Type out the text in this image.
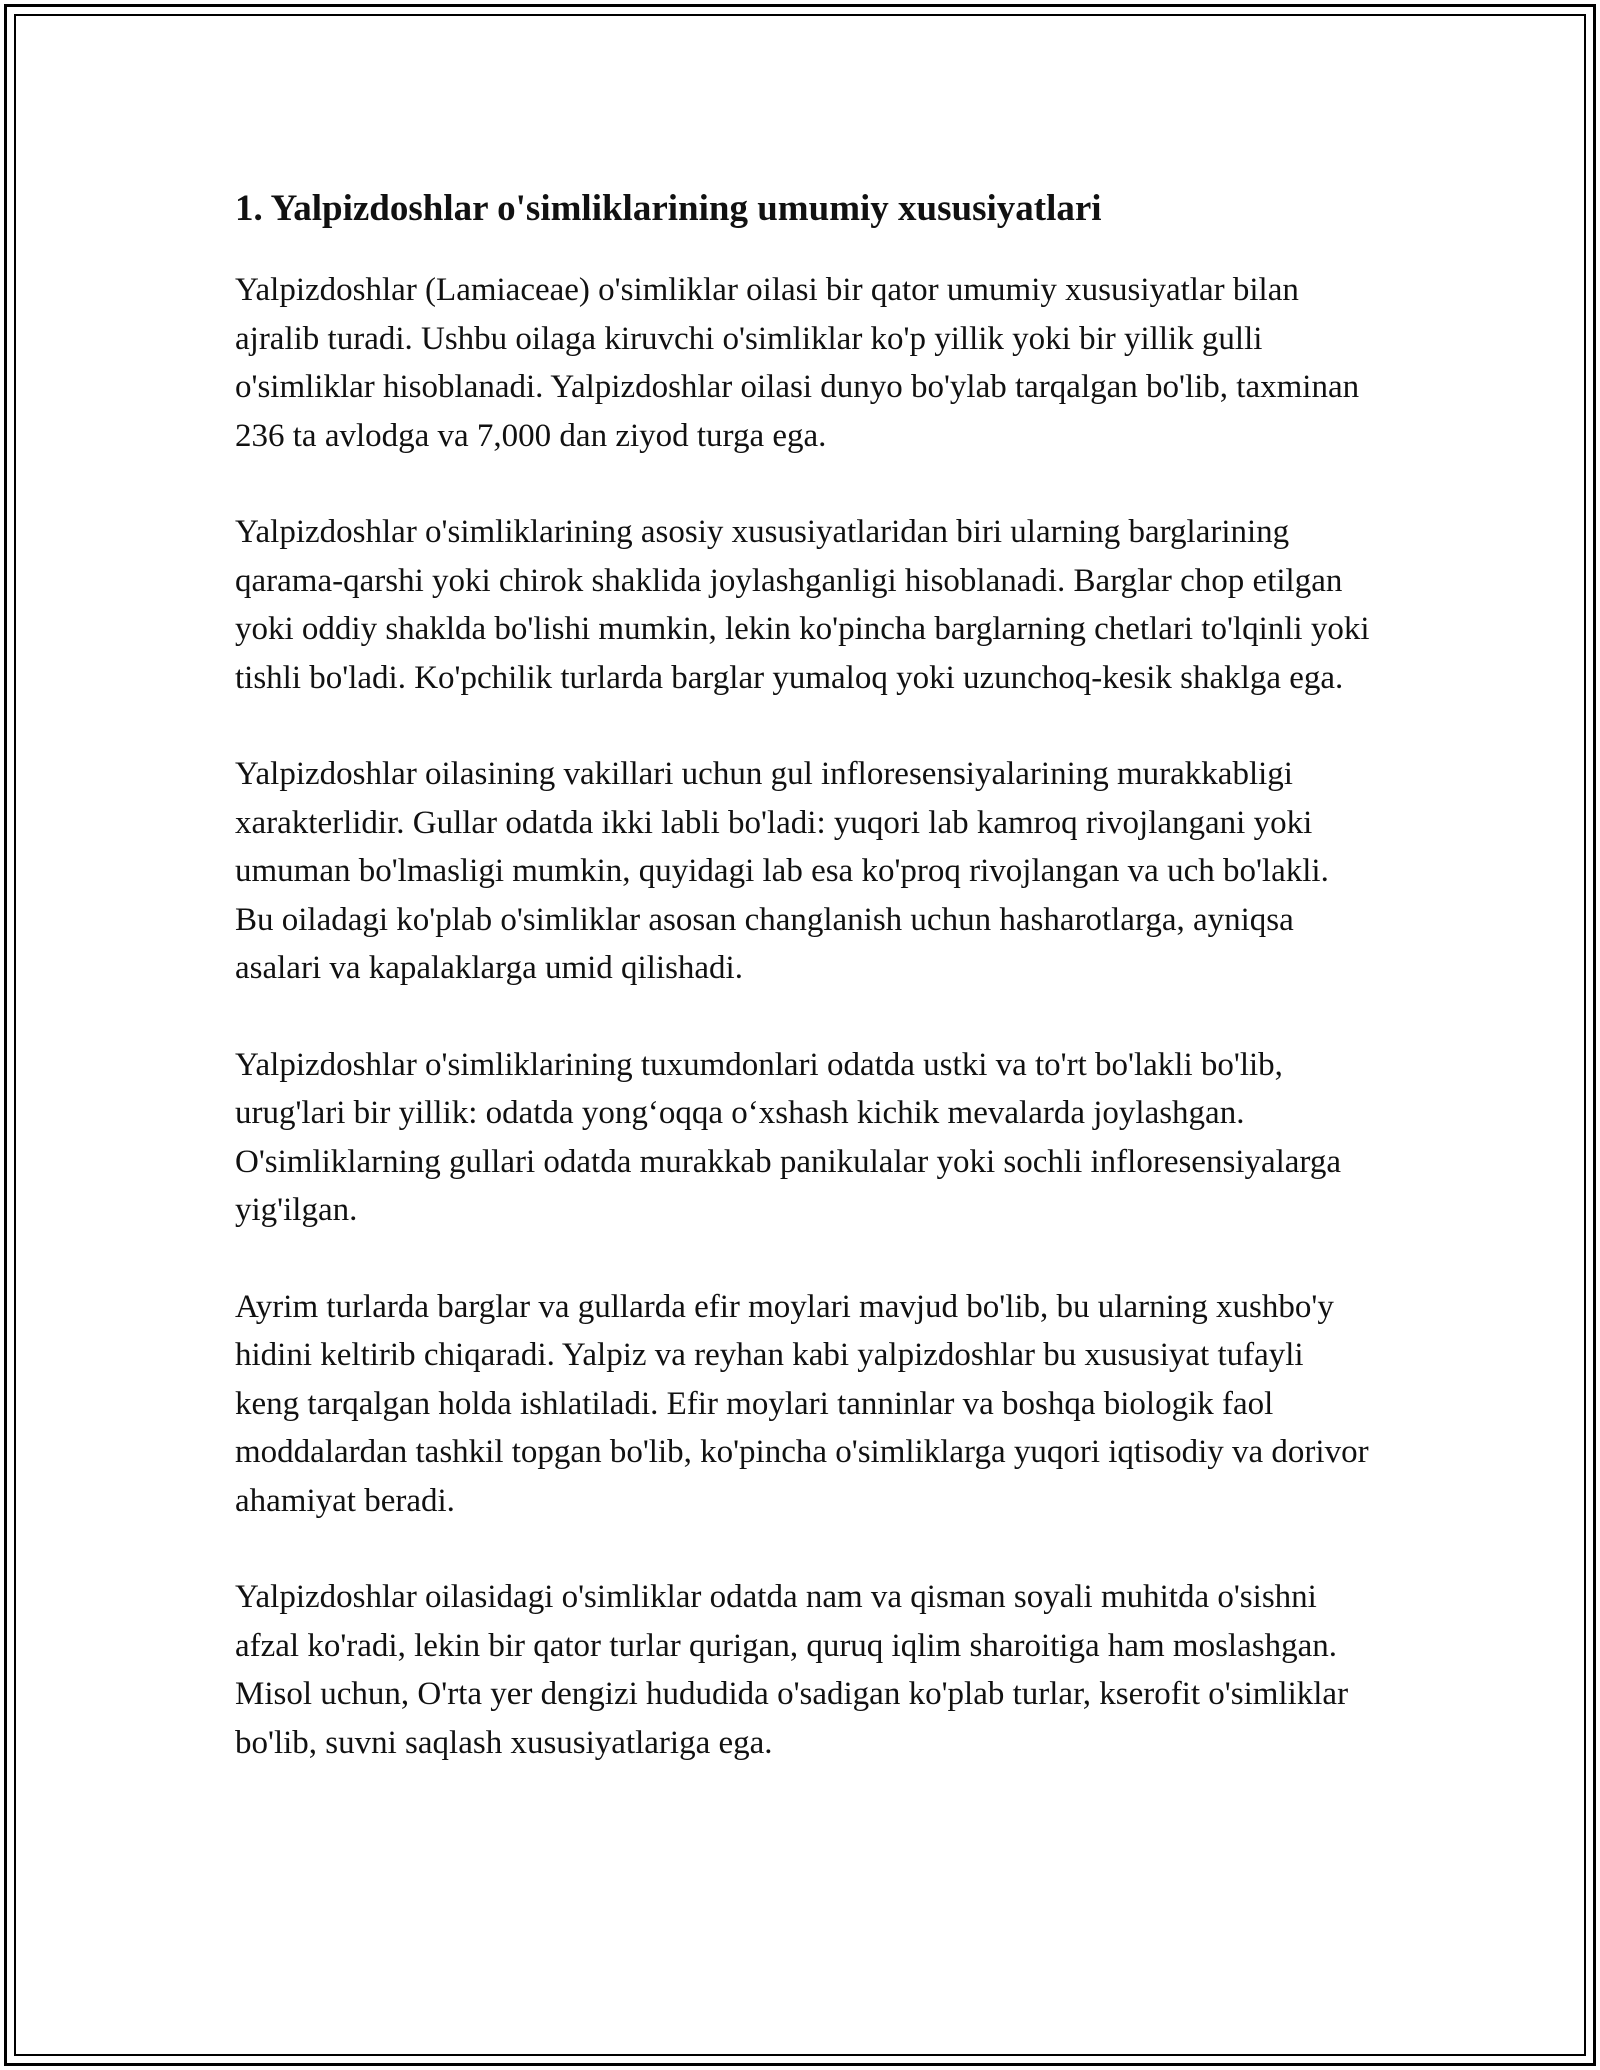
1. Yalpizdoshlar o'simliklarining umumiy xususiyatlari

Yalpizdoshlar (Lamiaceae) o'simliklar oilasi bir qator umumiy xususiyatlar bilan ajralib turadi. Ushbu oilaga kiruvchi o'simliklar ko'p yillik yoki bir yillik gulli o'simliklar hisoblanadi. Yalpizdoshlar oilasi dunyo bo'ylab tarqalgan bo'lib, taxminan 236 ta avlodga va 7,000 dan ziyod turga ega.

Yalpizdoshlar o'simliklarining asosiy xususiyatlaridan biri ularning barglarining qarama-qarshi yoki chirok shaklida joylashganligi hisoblanadi. Barglar chop etilgan yoki oddiy shaklda bo'lishi mumkin, lekin ko'pincha barglarning chetlari to'lqinli yoki tishli bo'ladi. Ko'pchilik turlarda barglar yumaloq yoki uzunchoq-kesik shaklga ega.

Yalpizdoshlar oilasining vakillari uchun gul infloresensiyalarining murakkabligi xarakterlidir. Gullar odatda ikki labli bo'ladi: yuqori lab kamroq rivojlangani yoki umuman bo'lmasligi mumkin, quyidagi lab esa ko'proq rivojlangan va uch bo'lakli. Bu oiladagi ko'plab o'simliklar asosan changlanish uchun hasharotlarga, ayniqsa asalari va kapalaklarga umid qilishadi.

Yalpizdoshlar o'simliklarining tuxumdonlari odatda ustki va to'rt bo'lakli bo'lib, urug'lari bir yillik: odatda yong‘oqqa o‘xshash kichik mevalarda joylashgan. O'simliklarning gullari odatda murakkab panikulalar yoki sochli infloresensiyalarga yig'ilgan.

Ayrim turlarda barglar va gullarda efir moylari mavjud bo'lib, bu ularning xushbo'y hidini keltirib chiqaradi. Yalpiz va reyhan kabi yalpizdoshlar bu xususiyat tufayli keng tarqalgan holda ishlatiladi. Efir moylari tanninlar va boshqa biologik faol moddalardan tashkil topgan bo'lib, ko'pincha o'simliklarga yuqori iqtisodiy va dorivor ahamiyat beradi.

Yalpizdoshlar oilasidagi o'simliklar odatda nam va qisman soyali muhitda o'sishni afzal ko'radi, lekin bir qator turlar qurigan, quruq iqlim sharoitiga ham moslashgan. Misol uchun, O'rta yer dengizi hududida o'sadigan ko'plab turlar, kserofit o'simliklar bo'lib, suvni saqlash xususiyatlariga ega.
